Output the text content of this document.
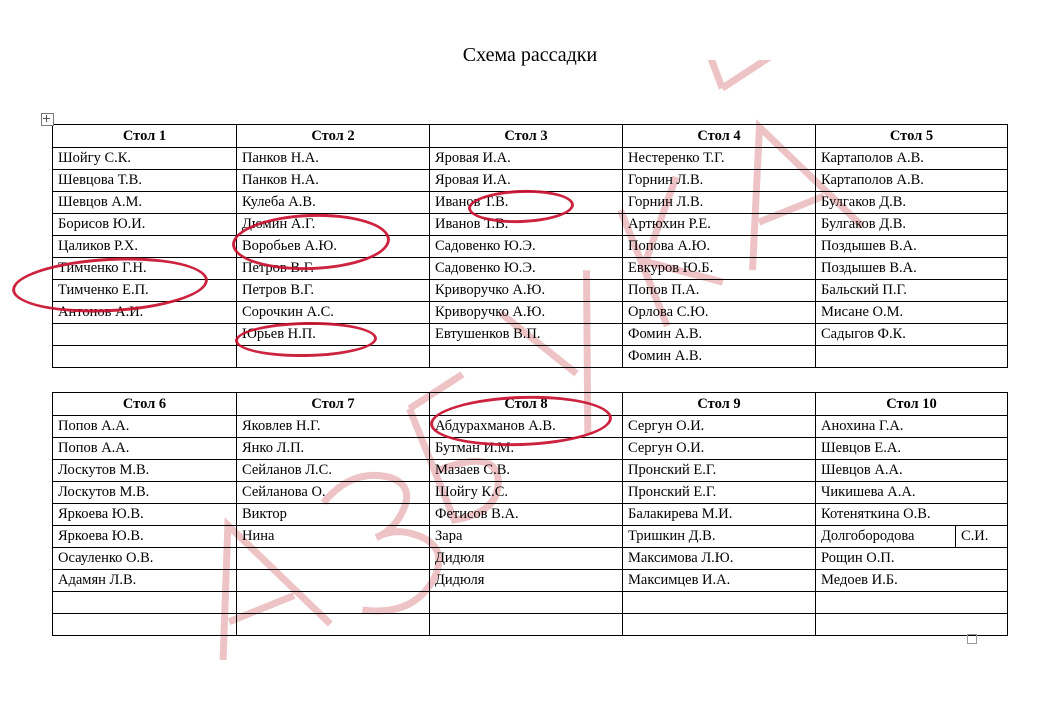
Схема рассадки
Стол 1	Стол 2	Стол 3	Стол 4	Стол 5
Шойгу С.К.	Панков Н.А.	Яровая И.А.	Нестеренко Т.Г.	Картаполов А.В.
Шевцова Т.В.	Панков Н.А.	Яровая И.А.	Горнин Л.В.	Картаполов А.В.
Шевцов А.М.	Кулеба А.В.	Иванов Т.В.	Горнин Л.В.	Булгаков Д.В.
Борисов Ю.И.	Дюмин А.Г.	Иванов Т.В.	Артюхин Р.Е.	Булгаков Д.В.
Цаликов Р.Х.	Воробьев А.Ю.	Садовенко Ю.Э.	Попова А.Ю.	Поздышев В.А.
Тимченко Г.Н.	Петров В.Г.	Садовенко Ю.Э.	Евкуров Ю.Б.	Поздышев В.А.
Тимченко Е.П.	Петров В.Г.	Криворучко А.Ю.	Попов П.А.	Бальский П.Г.
Антонов А.И.	Сорочкин А.С.	Криворучко А.Ю.	Орлова С.Ю.	Мисане О.М.
	Юрьев Н.П.	Евтушенков В.П.	Фомин А.В.	Садыгов Ф.К.
			Фомин А.В.	
Стол 6	Стол 7	Стол 8	Стол 9	Стол 10	
Попов А.А.	Яковлев Н.Г.	Абдурахманов А.В.	Сергун О.И.	Анохина Г.А.	
Попов А.А.	Янко Л.П.	Бутман И.М.	Сергун О.И.	Шевцов Е.А.	
Лоскутов М.В.	Сейланов Л.С.	Мазаев С.В.	Пронский Е.Г.	Шевцов А.А.	
Лоскутов М.В.	Сейланова О.	Шойгу К.С.	Пронский Е.Г.	Чикишева А.А.	
Яркоева Ю.В.	Виктор	Фетисов В.А.	Балакирева М.И.	Котеняткина О.В.	
Яркоева Ю.В.	Нина	Зара	Тришкин Д.В.	Долгобородова	С.И.
Осауленко О.В.		Дидюля	Максимова Л.Ю.	Рощин О.П.	
Адамян Л.В.		Дидюля	Максимцев И.А.	Медоев И.Б.	
